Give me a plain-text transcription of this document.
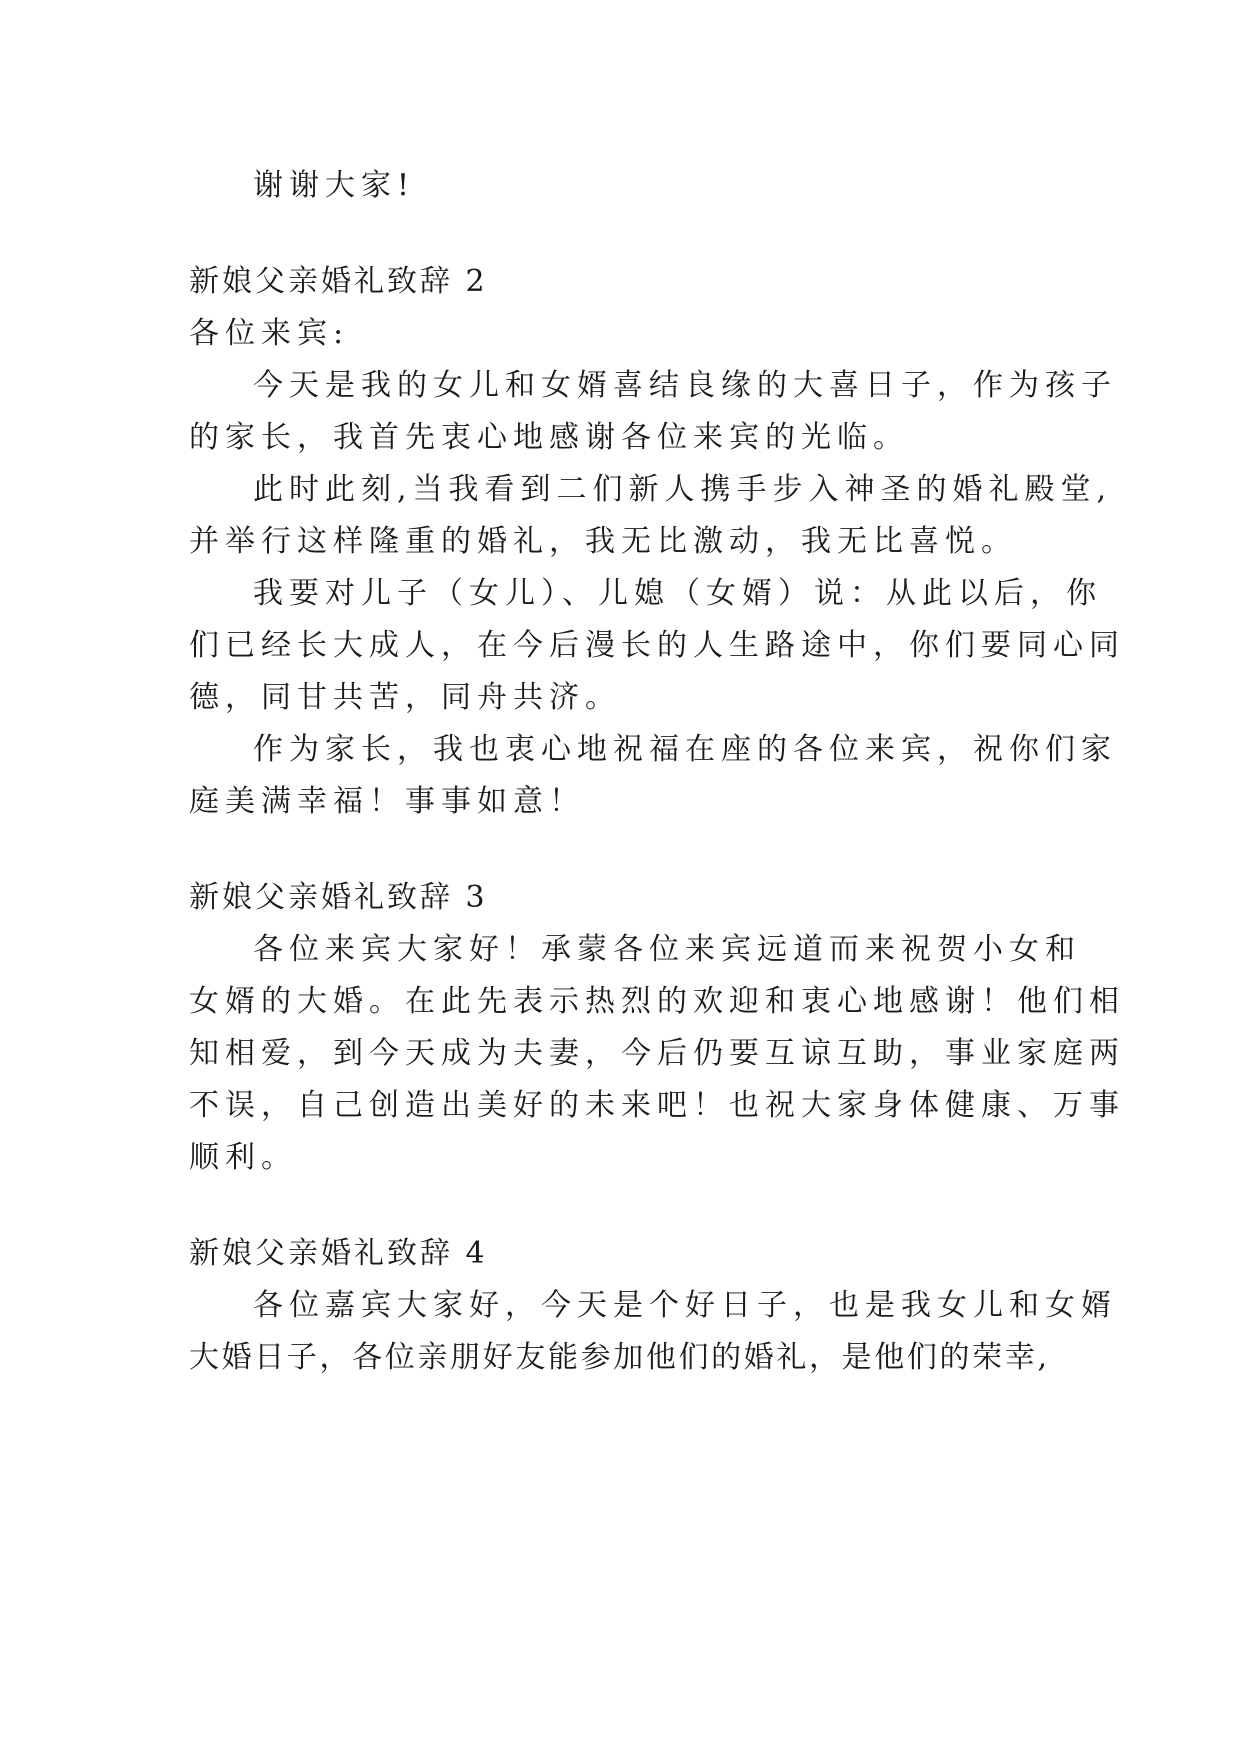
谢谢大家!
新娘父亲婚礼致辞 2
各位来宾:
今天是我的女儿和女婿喜结良缘的大喜日子，作为孩子
的家长，我首先衷心地感谢各位来宾的光临。
此时此刻,当我看到二们新人携手步入神圣的婚礼殿堂,
并举行这样隆重的婚礼，我无比激动，我无比喜悦。
我要对儿子（女儿）、儿媳（女婿）说：从此以后，你
们已经长大成人，在今后漫长的人生路途中，你们要同心同
德，同甘共苦，同舟共济。
作为家长，我也衷心地祝福在座的各位来宾，祝你们家
庭美满幸福！事事如意！
新娘父亲婚礼致辞 3
各位来宾大家好！承蒙各位来宾远道而来祝贺小女和
女婿的大婚。在此先表示热烈的欢迎和衷心地感谢！他们相
知相爱，到今天成为夫妻，今后仍要互谅互助，事业家庭两
不误，自己创造出美好的未来吧！也祝大家身体健康、万事
顺利。
新娘父亲婚礼致辞 4
各位嘉宾大家好，今天是个好日子，也是我女儿和女婿
大婚日子，各位亲朋好友能参加他们的婚礼，是他们的荣幸,
